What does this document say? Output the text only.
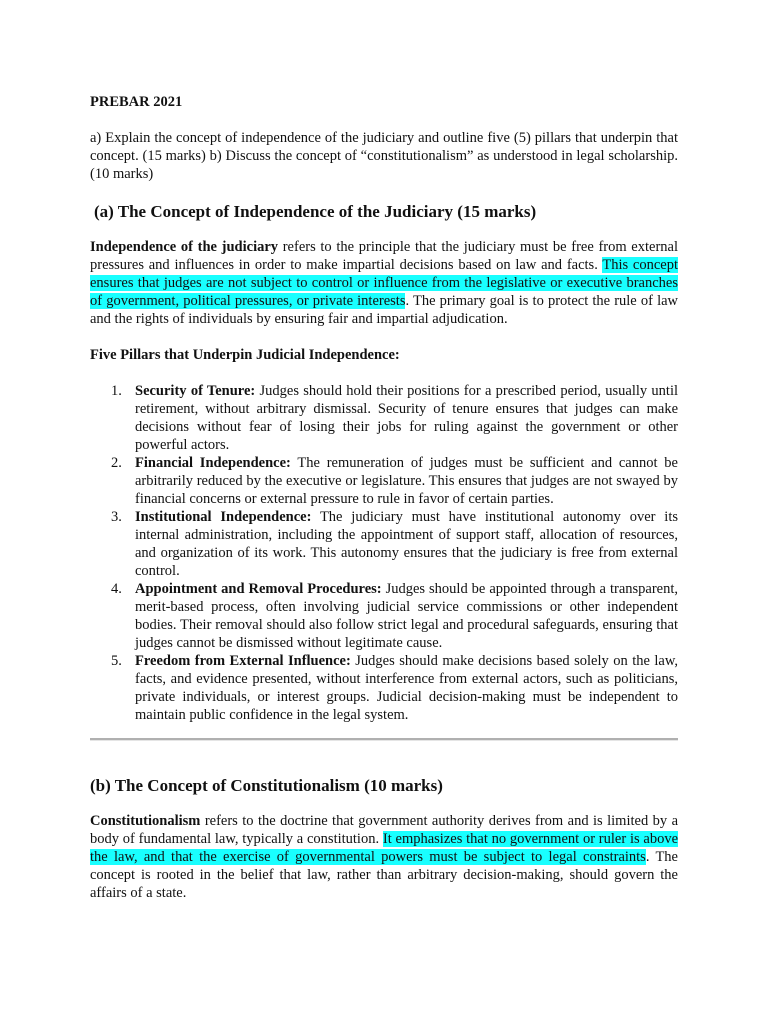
PREBAR 2021

a) Explain the concept of independence of the judiciary and outline five (5) pillars that underpin that concept. (15 marks) b) Discuss the concept of “constitutionalism” as understood in legal scholarship. (10 marks)

(a) The Concept of Independence of the Judiciary (15 marks)

Independence of the judiciary refers to the principle that the judiciary must be free from external pressures and influences in order to make impartial decisions based on law and facts. This concept ensures that judges are not subject to control or influence from the legislative or executive branches of government, political pressures, or private interests. The primary goal is to protect the rule of law and the rights of individuals by ensuring fair and impartial adjudication.

Five Pillars that Underpin Judicial Independence:

1. Security of Tenure: Judges should hold their positions for a prescribed period, usually until retirement, without arbitrary dismissal. Security of tenure ensures that judges can make decisions without fear of losing their jobs for ruling against the government or other powerful actors.
2. Financial Independence: The remuneration of judges must be sufficient and cannot be arbitrarily reduced by the executive or legislature. This ensures that judges are not swayed by financial concerns or external pressure to rule in favor of certain parties.
3. Institutional Independence: The judiciary must have institutional autonomy over its internal administration, including the appointment of support staff, allocation of resources, and organization of its work. This autonomy ensures that the judiciary is free from external control.
4. Appointment and Removal Procedures: Judges should be appointed through a transparent, merit-based process, often involving judicial service commissions or other independent bodies. Their removal should also follow strict legal and procedural safeguards, ensuring that judges cannot be dismissed without legitimate cause.
5. Freedom from External Influence: Judges should make decisions based solely on the law, facts, and evidence presented, without interference from external actors, such as politicians, private individuals, or interest groups. Judicial decision-making must be independent to maintain public confidence in the legal system.
(b) The Concept of Constitutionalism (10 marks)

Constitutionalism refers to the doctrine that government authority derives from and is limited by a body of fundamental law, typically a constitution. It emphasizes that no government or ruler is above the law, and that the exercise of governmental powers must be subject to legal constraints. The concept is rooted in the belief that law, rather than arbitrary decision-making, should govern the affairs of a state.
